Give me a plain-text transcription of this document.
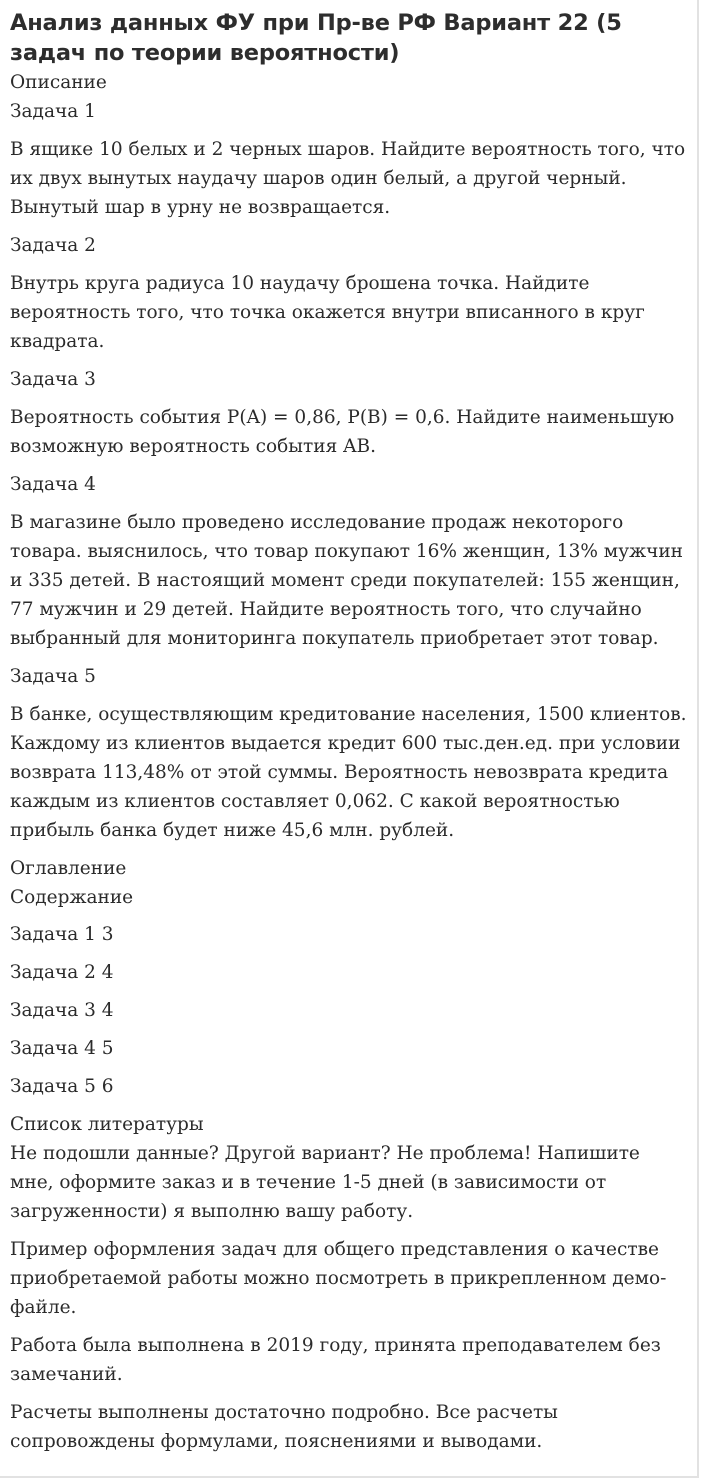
Анализ данных ФУ при Пр-ве РФ Вариант 22 (5 задач по теории вероятности)
Описание
Задача 1

В ящике 10 белых и 2 черных шаров. Найдите вероятность того, что их двух вынутых наудачу шаров один белый, а другой черный. Вынутый шар в урну не возвращается.

Задача 2

Внутрь круга радиуса 10 наудачу брошена точка. Найдите вероятность того, что точка окажется внутри вписанного в круг квадрата.

Задача 3

Вероятность события P(A) = 0,86, P(B) = 0,6. Найдите наименьшую возможную вероятность события AB.

Задача 4

В магазине было проведено исследование продаж некоторого товара. выяснилось, что товар покупают 16% женщин, 13% мужчин и 335 детей. В настоящий момент среди покупателей: 155 женщин, 77 мужчин и 29 детей. Найдите вероятность того, что случайно выбранный для мониторинга покупатель приобретает этот товар.

Задача 5

В банке, осуществляющим кредитование населения, 1500 клиентов. Каждому из клиентов выдается кредит 600 тыс.ден.ед. при условии возврата 113,48% от этой суммы. Вероятность невозврата кредита каждым из клиентов составляет 0,062. С какой вероятностью прибыль банка будет ниже 45,6 млн. рублей.

Оглавление
Содержание

Задача 1 3

Задача 2 4

Задача 3 4

Задача 4 5

Задача 5 6

Список литературы

Не подошли данные? Другой вариант? Не проблема! Напишите мне, оформите заказ и в течение 1-5 дней (в зависимости от загруженности) я выполню вашу работу.

Пример оформления задач для общего представления о качестве приобретаемой работы можно посмотреть в прикрепленном демо-файле.

Работа была выполнена в 2019 году, принята преподавателем без замечаний.

Расчеты выполнены достаточно подробно. Все расчеты сопровождены формулами, пояснениями и выводами.
